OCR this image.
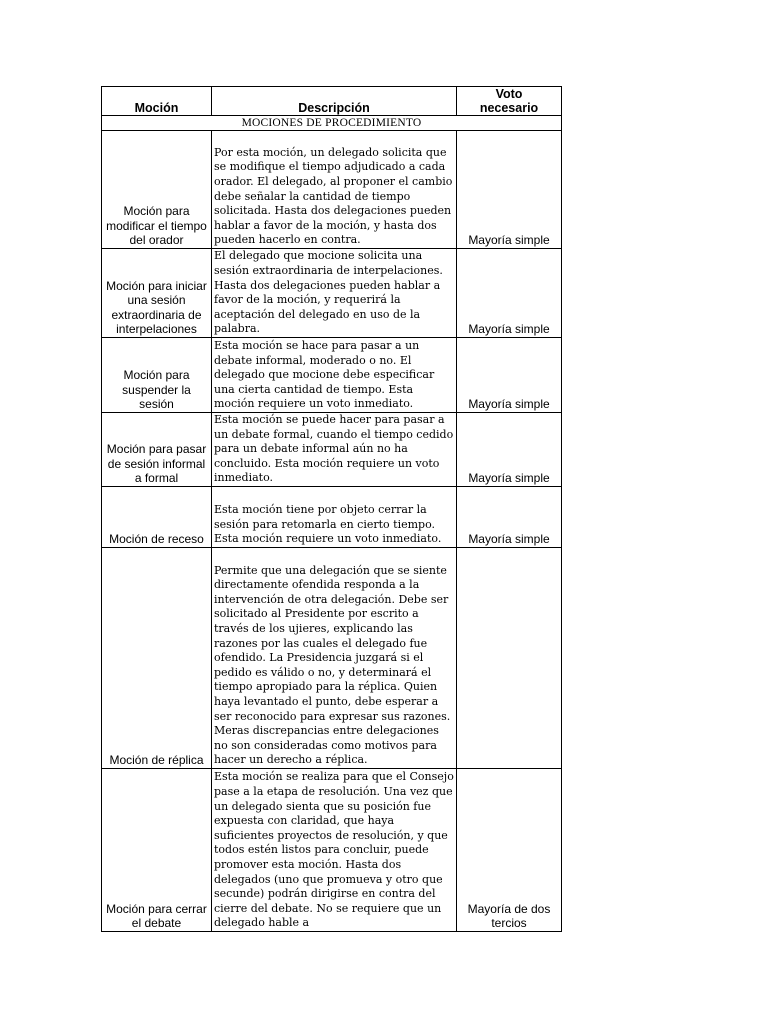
Moción	Descripción	Voto necesario
MOCIONES DE PROCEDIMIENTO		
Moción para modificar el tiempo del orador	Por esta moción, un delegado solicita que se modifique el tiempo adjudicado a cada orador. El delegado, al proponer el cambio debe señalar la cantidad de tiempo solicitada. Hasta dos delegaciones pueden hablar a favor de la moción, y hasta dos pueden hacerlo en contra.	Mayoría simple
Moción para iniciar una sesión extraordinaria de interpelaciones	El delegado que mocione solicita una sesión extraordinaria de interpelaciones. Hasta dos delegaciones pueden hablar a favor de la moción, y requerirá la aceptación del delegado en uso de la palabra.	Mayoría simple
Moción para suspender la sesión	Esta moción se hace para pasar a un debate informal, moderado o no. El delegado que mocione debe especificar una cierta cantidad de tiempo. Esta moción requiere un voto inmediato.	Mayoría simple
Moción para pasar de sesión informal a formal	Esta moción se puede hacer para pasar a un debate formal, cuando el tiempo cedido para un debate informal aún no ha concluido. Esta moción requiere un voto inmediato.	Mayoría simple
Moción de receso	Esta moción tiene por objeto cerrar la sesión para retomarla en cierto tiempo. Esta moción requiere un voto inmediato.	Mayoría simple
Moción de réplica	Permite que una delegación que se siente directamente ofendida responda a la intervención de otra delegación. Debe ser solicitado al Presidente por escrito a través de los ujieres, explicando las razones por las cuales el delegado fue ofendido. La Presidencia juzgará si el pedido es válido o no, y determinará el tiempo apropiado para la réplica. Quien haya levantado el punto, debe esperar a ser reconocido para expresar sus razones. Meras discrepancias entre delegaciones no son consideradas como motivos para hacer un derecho a réplica.	
Moción para cerrar el debate	Esta moción se realiza para que el Consejo pase a la etapa de resolución. Una vez que un delegado sienta que su posición fue expuesta con claridad, que haya suficientes proyectos de resolución, y que todos estén listos para concluir, puede promover esta moción. Hasta dos delegados (uno que promueva y otro que secunde) podrán dirigirse en contra del cierre del debate. No se requiere que un delegado hable a	Mayoría de dos tercios
